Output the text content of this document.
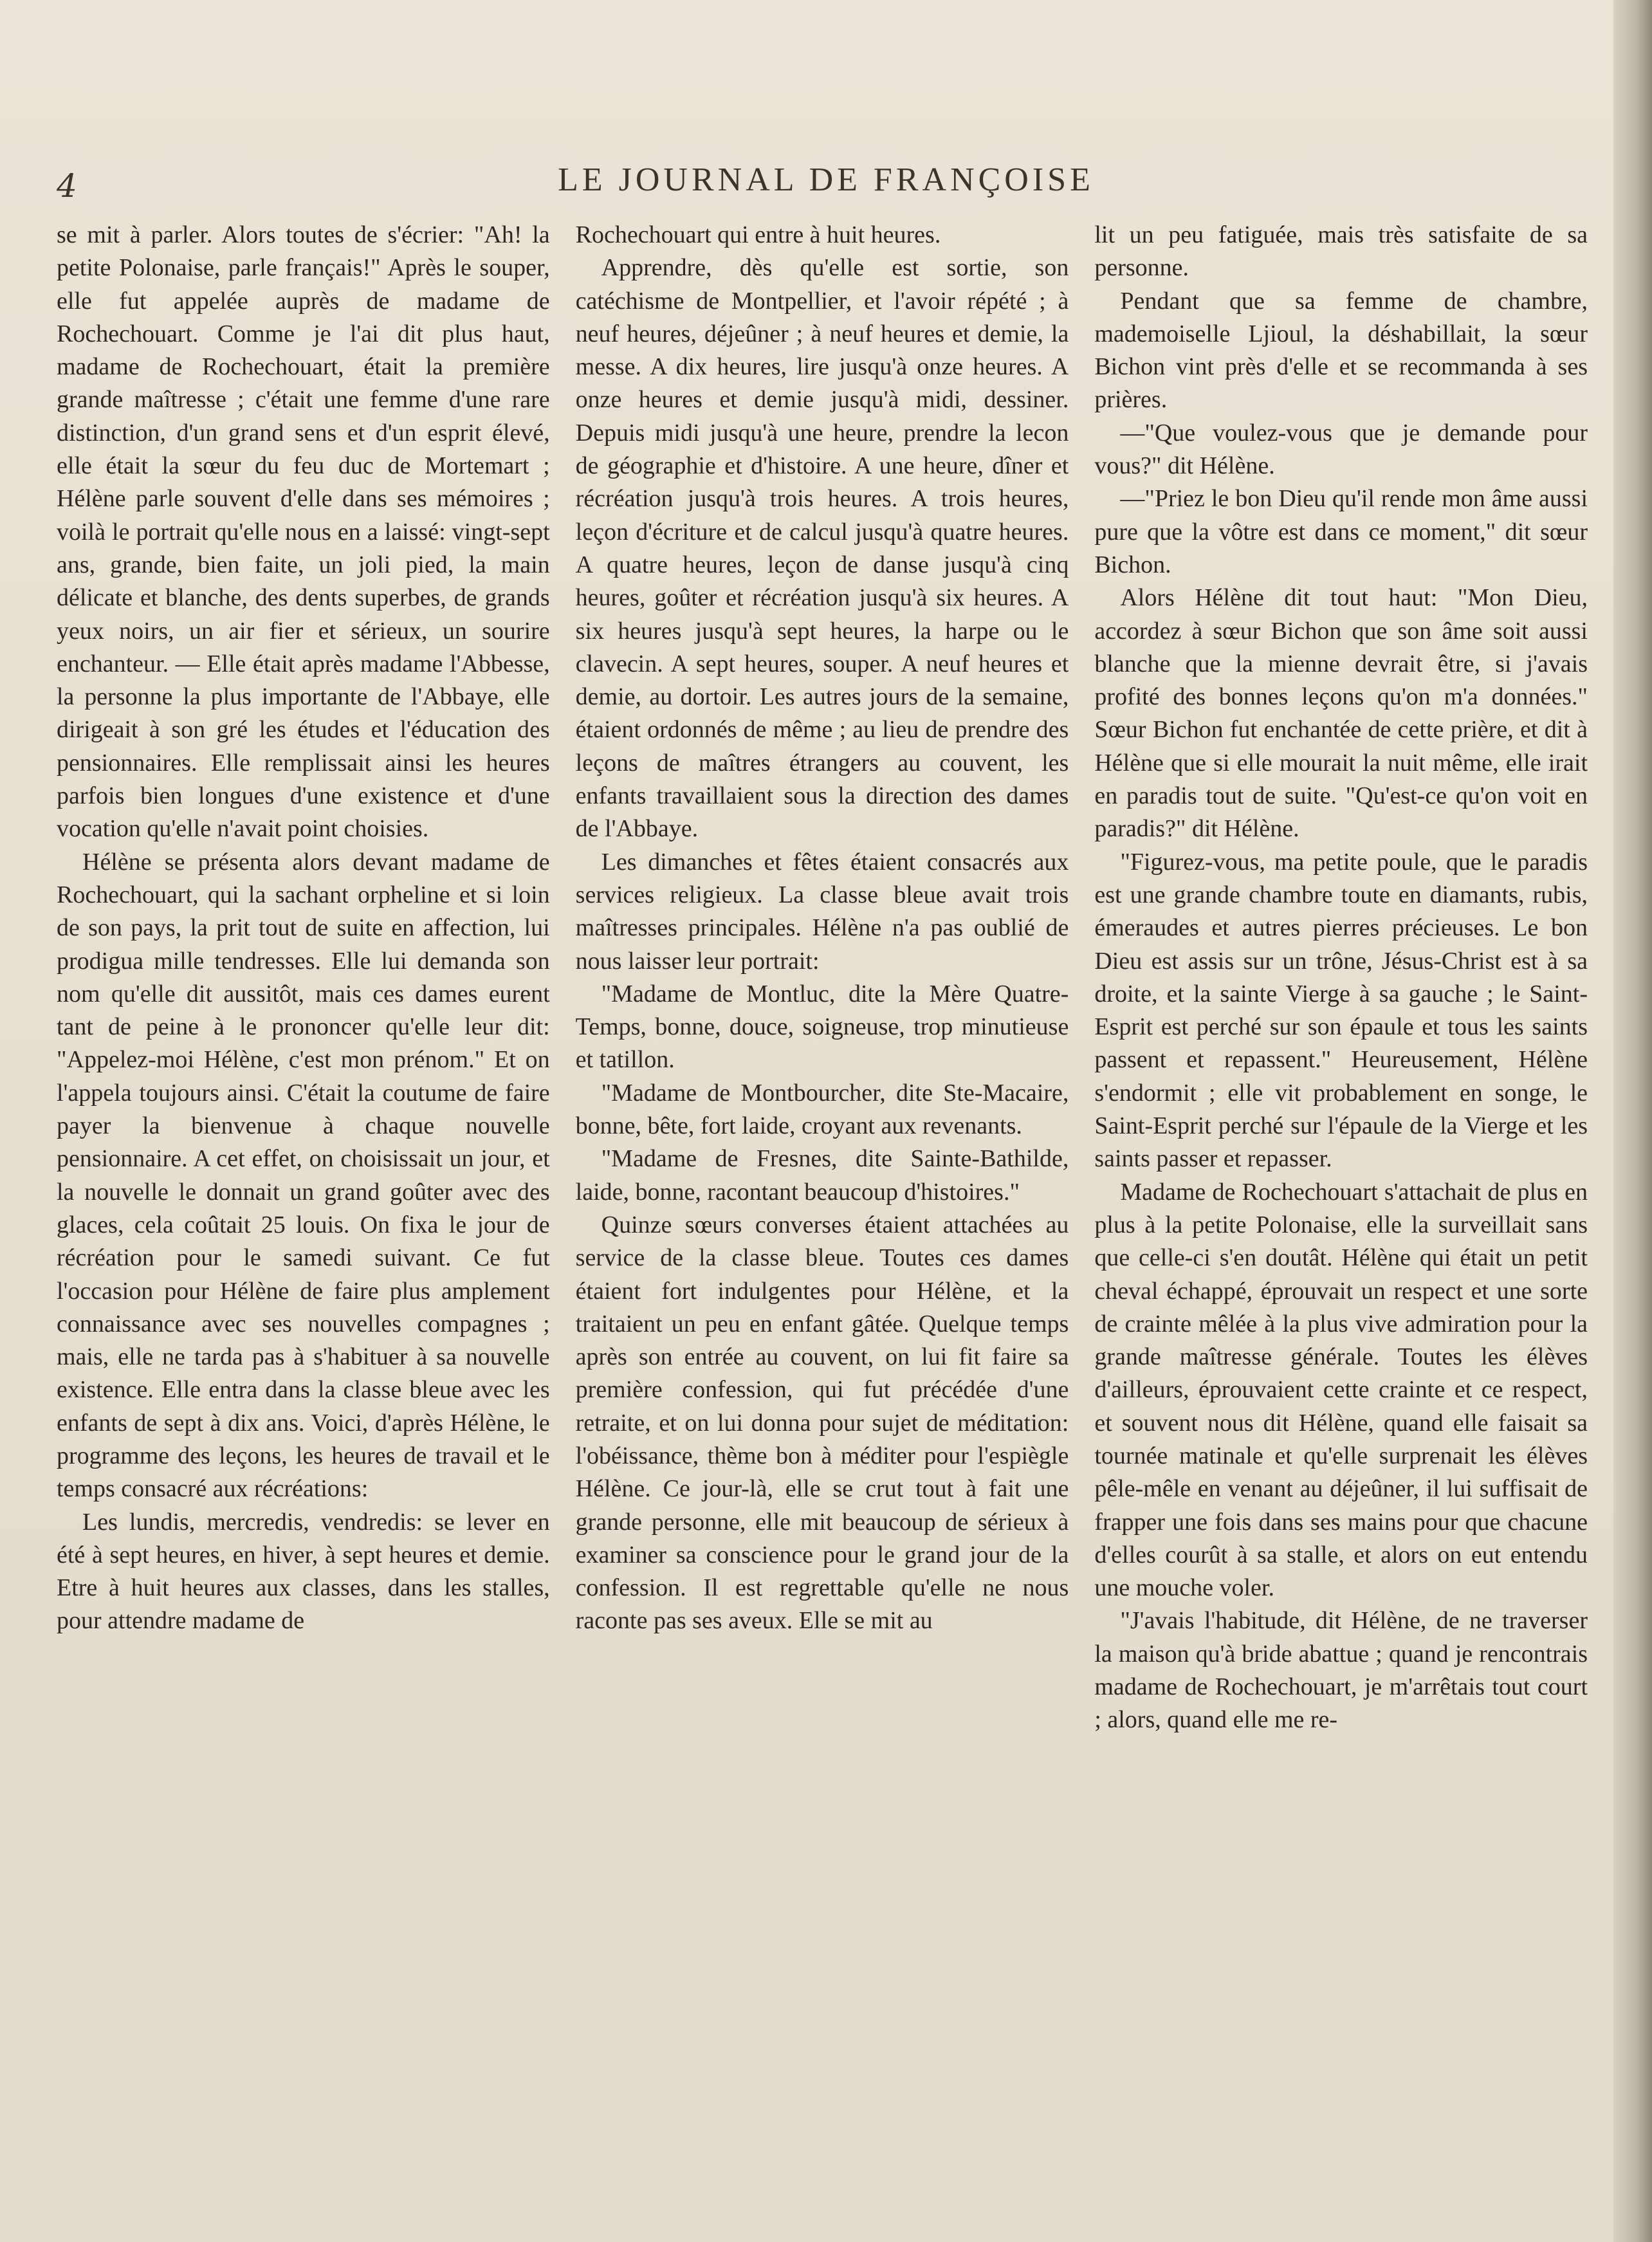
4	LE JOURNAL DE FRANÇOISE

se mit à parler. Alors toutes de s'écrier: "Ah! la petite Polonaise, parle français!" Après le souper, elle fut appelée auprès de madame de Rochechouart. Comme je l'ai dit plus haut, madame de Rochechouart, était la première grande maîtresse ; c'était une femme d'une rare distinction, d'un grand sens et d'un esprit élevé, elle était la sœur du feu duc de Mortemart ; Hélène parle souvent d'elle dans ses mémoires ; voilà le portrait qu'elle nous en a laissé: vingt-sept ans, grande, bien faite, un joli pied, la main délicate et blanche, des dents superbes, de grands yeux noirs, un air fier et sérieux, un sourire enchanteur. — Elle était après madame l'Abbesse, la personne la plus importante de l'Abbaye, elle dirigeait à son gré les études et l'éducation des pensionnaires. Elle remplissait ainsi les heures parfois bien longues d'une existence et d'une vocation qu'elle n'avait point choisies.

Hélène se présenta alors devant madame de Rochechouart, qui la sachant orpheline et si loin de son pays, la prit tout de suite en affection, lui prodigua mille tendresses. Elle lui demanda son nom qu'elle dit aussitôt, mais ces dames eurent tant de peine à le prononcer qu'elle leur dit: "Appelez-moi Hélène, c'est mon prénom." Et on l'appela toujours ainsi. C'était la coutume de faire payer la bienvenue à chaque nouvelle pensionnaire. A cet effet, on choisissait un jour, et la nouvelle le donnait un grand goûter avec des glaces, cela coûtait 25 louis. On fixa le jour de récréation pour le samedi suivant. Ce fut l'occasion pour Hélène de faire plus amplement connaissance avec ses nouvelles compagnes ; mais, elle ne tarda pas à s'habituer à sa nouvelle existence. Elle entra dans la classe bleue avec les enfants de sept à dix ans. Voici, d'après Hélène, le programme des leçons, les heures de travail et le temps consacré aux récréations:

Les lundis, mercredis, vendredis: se lever en été à sept heures, en hiver, à sept heures et demie. Etre à huit heures aux classes, dans les stalles, pour attendre madame de

Rochechouart qui entre à huit heures.

Apprendre, dès qu'elle est sortie, son catéchisme de Montpellier, et l'avoir répété ; à neuf heures, déjeûner ; à neuf heures et demie, la messe. A dix heures, lire jusqu'à onze heures. A onze heures et demie jusqu'à midi, dessiner. Depuis midi jusqu'à une heure, prendre la lecon de géographie et d'histoire. A une heure, dîner et récréation jusqu'à trois heures. A trois heures, leçon d'écriture et de calcul jusqu'à quatre heures. A quatre heures, leçon de danse jusqu'à cinq heures, goûter et récréation jusqu'à six heures. A six heures jusqu'à sept heures, la harpe ou le clavecin. A sept heures, souper. A neuf heures et demie, au dortoir. Les autres jours de la semaine, étaient ordonnés de même ; au lieu de prendre des leçons de maîtres étrangers au couvent, les enfants travaillaient sous la direction des dames de l'Abbaye.

Les dimanches et fêtes étaient consacrés aux services religieux. La classe bleue avait trois maîtresses principales. Hélène n'a pas oublié de nous laisser leur portrait:

"Madame de Montluc, dite la Mère Quatre-Temps, bonne, douce, soigneuse, trop minutieuse et tatillon.

"Madame de Montbourcher, dite Ste-Macaire, bonne, bête, fort laide, croyant aux revenants.

"Madame de Fresnes, dite Sainte-Bathilde, laide, bonne, racontant beaucoup d'histoires."

Quinze sœurs converses étaient attachées au service de la classe bleue. Toutes ces dames étaient fort indulgentes pour Hélène, et la traitaient un peu en enfant gâtée. Quelque temps après son entrée au couvent, on lui fit faire sa première confession, qui fut précédée d'une retraite, et on lui donna pour sujet de méditation: l'obéissance, thème bon à méditer pour l'espiègle Hélène. Ce jour-là, elle se crut tout à fait une grande personne, elle mit beaucoup de sérieux à examiner sa conscience pour le grand jour de la confession. Il est regrettable qu'elle ne nous raconte pas ses aveux. Elle se mit au

lit un peu fatiguée, mais très satisfaite de sa personne.

Pendant que sa femme de chambre, mademoiselle Ljioul, la déshabillait, la sœur Bichon vint près d'elle et se recommanda à ses prières.

—"Que voulez-vous que je demande pour vous?" dit Hélène.

—"Priez le bon Dieu qu'il rende mon âme aussi pure que la vôtre est dans ce moment," dit sœur Bichon.

Alors Hélène dit tout haut: "Mon Dieu, accordez à sœur Bichon que son âme soit aussi blanche que la mienne devrait être, si j'avais profité des bonnes leçons qu'on m'a données." Sœur Bichon fut enchantée de cette prière, et dit à Hélène que si elle mourait la nuit même, elle irait en paradis tout de suite. "Qu'est-ce qu'on voit en paradis?" dit Hélène.

"Figurez-vous, ma petite poule, que le paradis est une grande chambre toute en diamants, rubis, émeraudes et autres pierres précieuses. Le bon Dieu est assis sur un trône, Jésus-Christ est à sa droite, et la sainte Vierge à sa gauche ; le Saint-Esprit est perché sur son épaule et tous les saints passent et repassent." Heureusement, Hélène s'endormit ; elle vit probablement en songe, le Saint-Esprit perché sur l'épaule de la Vierge et les saints passer et repasser.

Madame de Rochechouart s'attachait de plus en plus à la petite Polonaise, elle la surveillait sans que celle-ci s'en doutât. Hélène qui était un petit cheval échappé, éprouvait un respect et une sorte de crainte mêlée à la plus vive admiration pour la grande maîtresse générale. Toutes les élèves d'ailleurs, éprouvaient cette crainte et ce respect, et souvent nous dit Hélène, quand elle faisait sa tournée matinale et qu'elle surprenait les élèves pêle-mêle en venant au déjeûner, il lui suffisait de frapper une fois dans ses mains pour que chacune d'elles courût à sa stalle, et alors on eut entendu une mouche voler.

"J'avais l'habitude, dit Hélène, de ne traverser la maison qu'à bride abattue ; quand je rencontrais madame de Rochechouart, je m'arrêtais tout court ; alors, quand elle me re-
